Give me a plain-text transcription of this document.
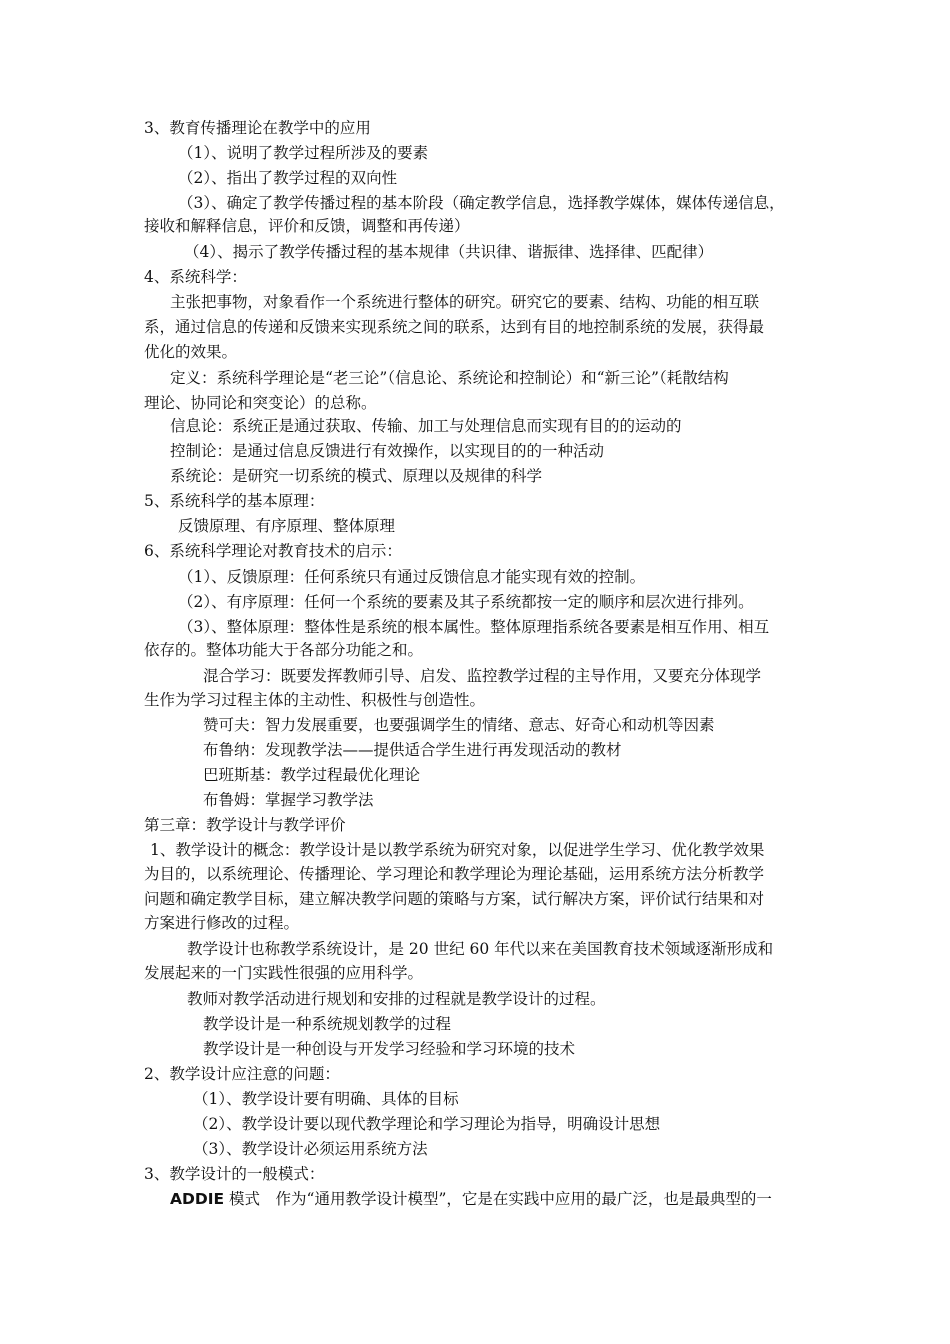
3、教育传播理论在教学中的应用
（1）、说明了教学过程所涉及的要素
（2）、指出了教学过程的双向性
（3）、确定了教学传播过程的基本阶段（确定教学信息，选择教学媒体，媒体传递信息，
接收和解释信息，评价和反馈，调整和再传递）
（4）、揭示了教学传播过程的基本规律（共识律、谐振律、选择律、匹配律）
4、系统科学：
主张把事物，对象看作一个系统进行整体的研究。研究它的要素、结构、功能的相互联
系，通过信息的传递和反馈来实现系统之间的联系，达到有目的地控制系统的发展，获得最
优化的效果。
定义：系统科学理论是“老三论”（信息论、系统论和控制论）和“新三论”（耗散结构
理论、协同论和突变论）的总称。
信息论：系统正是通过获取、传输、加工与处理信息而实现有目的的运动的
控制论：是通过信息反馈进行有效操作，以实现目的的一种活动
系统论：是研究一切系统的模式、原理以及规律的科学
5、系统科学的基本原理：
反馈原理、有序原理、整体原理
6、系统科学理论对教育技术的启示：
（1）、反馈原理：任何系统只有通过反馈信息才能实现有效的控制。
（2）、有序原理：任何一个系统的要素及其子系统都按一定的顺序和层次进行排列。
（3）、整体原理：整体性是系统的根本属性。整体原理指系统各要素是相互作用、相互
依存的。整体功能大于各部分功能之和。
混合学习：既要发挥教师引导、启发、监控教学过程的主导作用，又要充分体现学
生作为学习过程主体的主动性、积极性与创造性。
赞可夫：智力发展重要，也要强调学生的情绪、意志、好奇心和动机等因素
布鲁纳：发现教学法——提供适合学生进行再发现活动的教材
巴班斯基：教学过程最优化理论
布鲁姆：掌握学习教学法
第三章：教学设计与教学评价
1、教学设计的概念：教学设计是以教学系统为研究对象，以促进学生学习、优化教学效果
为目的，以系统理论、传播理论、学习理论和教学理论为理论基础，运用系统方法分析教学
问题和确定教学目标，建立解决教学问题的策略与方案，试行解决方案，评价试行结果和对
方案进行修改的过程。
教学设计也称教学系统设计，是 20 世纪 60 年代以来在美国教育技术领域逐渐形成和
发展起来的一门实践性很强的应用科学。
教师对教学活动进行规划和安排的过程就是教学设计的过程。
教学设计是一种系统规划教学的过程
教学设计是一种创设与开发学习经验和学习环境的技术
2、教学设计应注意的问题：
（1）、教学设计要有明确、具体的目标
（2）、教学设计要以现代教学理论和学习理论为指导，明确设计思想
（3）、教学设计必须运用系统方法
3、教学设计的一般模式：
ADDIE 模式　作为“通用教学设计模型”，它是在实践中应用的最广泛，也是最典型的一
